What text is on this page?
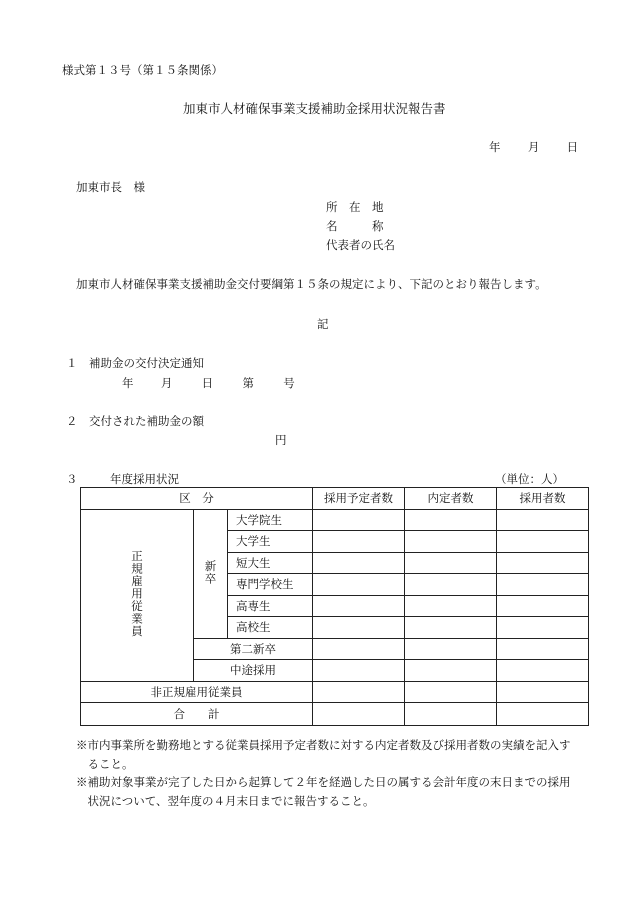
様式第１３号（第１５条関係）
加東市人材確保事業支援補助金採用状況報告書
年 月 日
加東市長　様
所　在　地
名　　　称
代表者の氏名
加東市人材確保事業支援補助金交付要綱第１５条の規定により、下記のとおり報告します。
記
１　補助金の交付決定通知
年 月	日	第	号
２　交付された補助金の額
円
３	年度採用状況	（単位：人）
区　分			採用予定者数	内定者数	採用者数
正規雇用従業員	新卒	大学院生			
		大学生			
		短大生			
		専門学校生			
		高専生			
		高校生			
	第二新卒				
	中途採用				
非正規雇用従業員					
合　　計					
※市内事業所を勤務地とする従業員採用予定者数に対する内定者数及び採用者数の実績を記入す
　ること。
※補助対象事業が完了した日から起算して２年を経過した日の属する会計年度の末日までの採用
　状況について、翌年度の４月末日までに報告すること。
